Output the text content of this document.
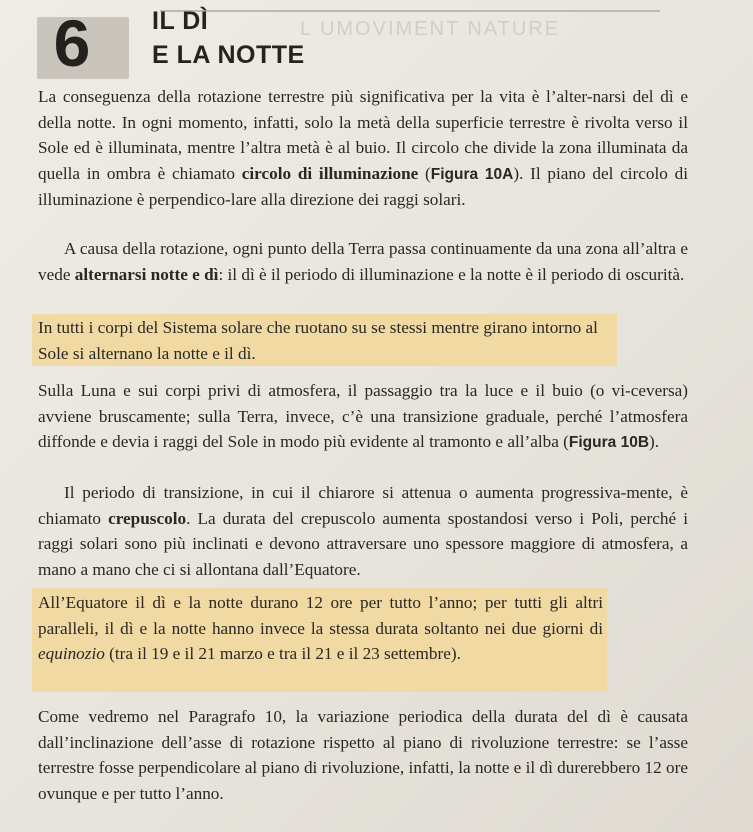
6	L UMOVIMENT NATURE
IL DÌ
E LA NOTTE
La conseguenza della rotazione terrestre più significativa per la vita è l’alter-narsi del dì e della notte. In ogni momento, infatti, solo la metà della superficie terrestre è rivolta verso il Sole ed è illuminata, mentre l’altra metà è al buio. Il circolo che divide la zona illuminata da quella in ombra è chiamato circolo di illuminazione (Figura 10A). Il piano del circolo di illuminazione è perpendico-lare alla direzione dei raggi solari.
A causa della rotazione, ogni punto della Terra passa continuamente da una zona all’altra e vede alternarsi notte e dì: il dì è il periodo di illuminazione e la notte è il periodo di oscurità.
In tutti i corpi del Sistema solare che ruotano su se stessi mentre girano intorno al Sole si alternano la notte e il dì.
Sulla Luna e sui corpi privi di atmosfera, il passaggio tra la luce e il buio (o vi-ceversa) avviene bruscamente; sulla Terra, invece, c’è una transizione graduale, perché l’atmosfera diffonde e devia i raggi del Sole in modo più evidente al tramonto e all’alba (Figura 10B).
Il periodo di transizione, in cui il chiarore si attenua o aumenta progressiva-mente, è chiamato crepuscolo. La durata del crepuscolo aumenta spostandosi verso i Poli, perché i raggi solari sono più inclinati e devono attraversare uno spessore maggiore di atmosfera, a mano a mano che ci si allontana dall’Equatore.
All’Equatore il dì e la notte durano 12 ore per tutto l’anno; per tutti gli altri paralleli, il dì e la notte hanno invece la stessa durata soltanto nei due giorni di equinozio (tra il 19 e il 21 marzo e tra il 21 e il 23 settembre).
Come vedremo nel Paragrafo 10, la variazione periodica della durata del dì è causata dall’inclinazione dell’asse di rotazione rispetto al piano di rivoluzione terrestre: se l’asse terrestre fosse perpendicolare al piano di rivoluzione, infatti, la notte e il dì durerebbero 12 ore ovunque e per tutto l’anno.
